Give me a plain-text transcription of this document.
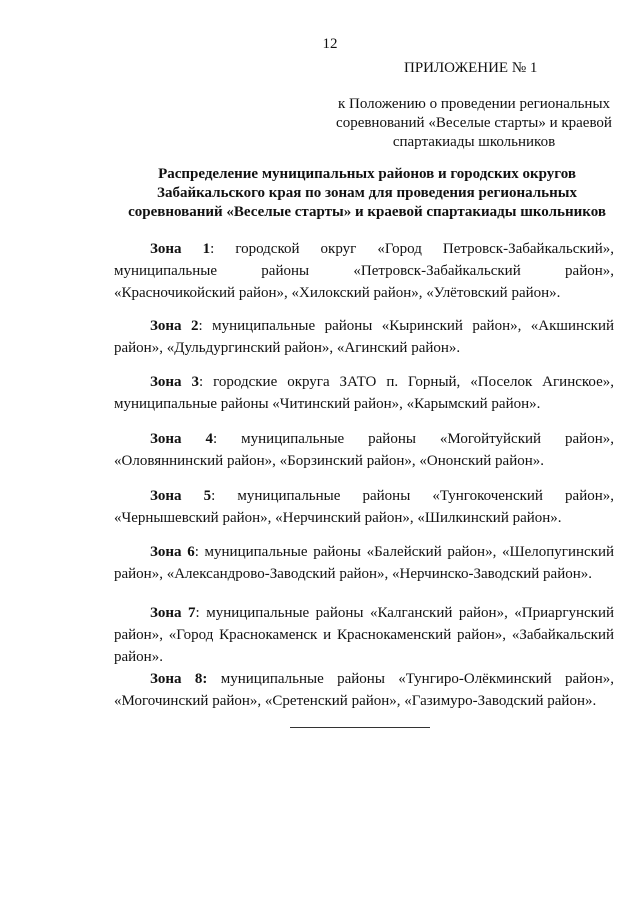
12
ПРИЛОЖЕНИЕ № 1
к Положению о проведении региональных
соревнований «Веселые старты» и краевой
спартакиады школьников
Распределение муниципальных районов и городских округов
Забайкальского края по зонам для проведения региональных
соревнований «Веселые старты» и краевой спартакиады школьников

Зона 1: городской округ «Город Петровск-Забайкальский», муниципальные районы «Петровск-Забайкальский район», «Красночикойский район», «Хилокский район», «Улётовский район».

Зона 2: муниципальные районы «Кыринский район», «Акшинский район», «Дульдургинский район», «Агинский район».

Зона 3: городские округа ЗАТО п. Горный, «Поселок Агинское», муниципальные районы «Читинский район», «Карымский район».

Зона 4: муниципальные районы «Могойтуйский район», «Оловяннинский район», «Борзинский район», «Ононский район».

Зона 5: муниципальные районы «Тунгокоченский район», «Чернышевский район», «Нерчинский район», «Шилкинский район».

Зона 6: муниципальные районы «Балейский район», «Шелопугинский район», «Александрово-Заводский район», «Нерчинско-Заводский район».

Зона 7: муниципальные районы «Калганский район», «Приаргунский район», «Город Краснокаменск и Краснокаменский район», «Забайкальский район».

Зона 8: муниципальные районы «Тунгиро-Олёкминский район», «Могочинский район», «Сретенский район», «Газимуро-Заводский район».
